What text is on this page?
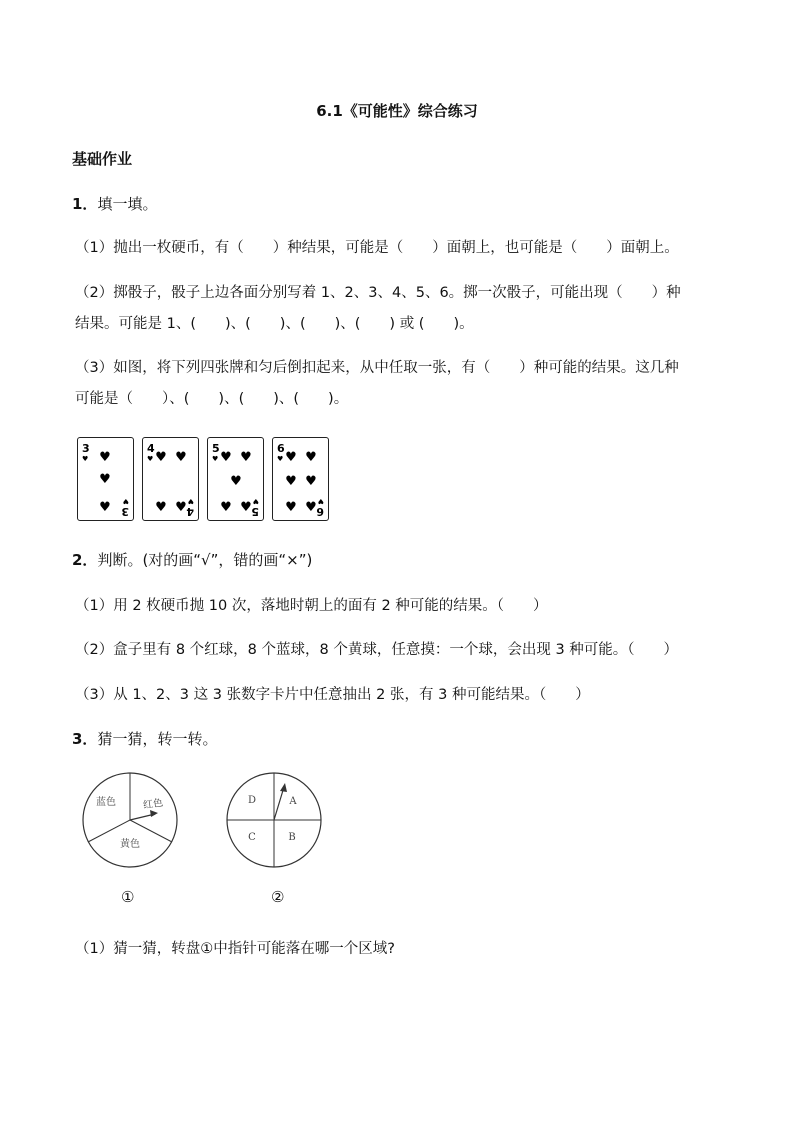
6.1《可能性》综合练习
基础作业
1．填一填。
（1）抛出一枚硬币，有（　　）种结果，可能是（　　）面朝上，也可能是（　　）面朝上。
（2）掷骰子，骰子上边各面分别写着 1、2、3、4、5、6。掷一次骰子，可能出现（　　）种
结果。可能是 1、(　　)、(　　)、(　　)、(　　) 或 (　　)。
（3）如图，将下列四张牌和匀后倒扣起来，从中任取一张，有（　　）种可能的结果。这几种
可能是（　　）、(　　)、(　　)、(　　)。
3
♥ ♥
♥
♥ 3
♥
4
♥ ♥ ♥
♥ ♥ 4
♥
5
♥ ♥ ♥
♥
♥ ♥ 5
♥
6
♥ ♥ ♥
♥ ♥
♥ ♥ 6
♥
2．判断。(对的画“√”，错的画“×”)
（1）用 2 枚硬币抛 10 次，落地时朝上的面有 2 种可能的结果。（　　）
（2）盒子里有 8 个红球，8 个蓝球，8 个黄球，任意摸：一个球，会出现 3 种可能。（　　）
（3）从 1、2、3 这 3 张数字卡片中任意抽出 2 张，有 3 种可能结果。（　　）
3．猜一猜，转一转。
蓝色	红色
黄色
D	A
C	B
①	②
（1）猜一猜，转盘①中指针可能落在哪一个区域?
